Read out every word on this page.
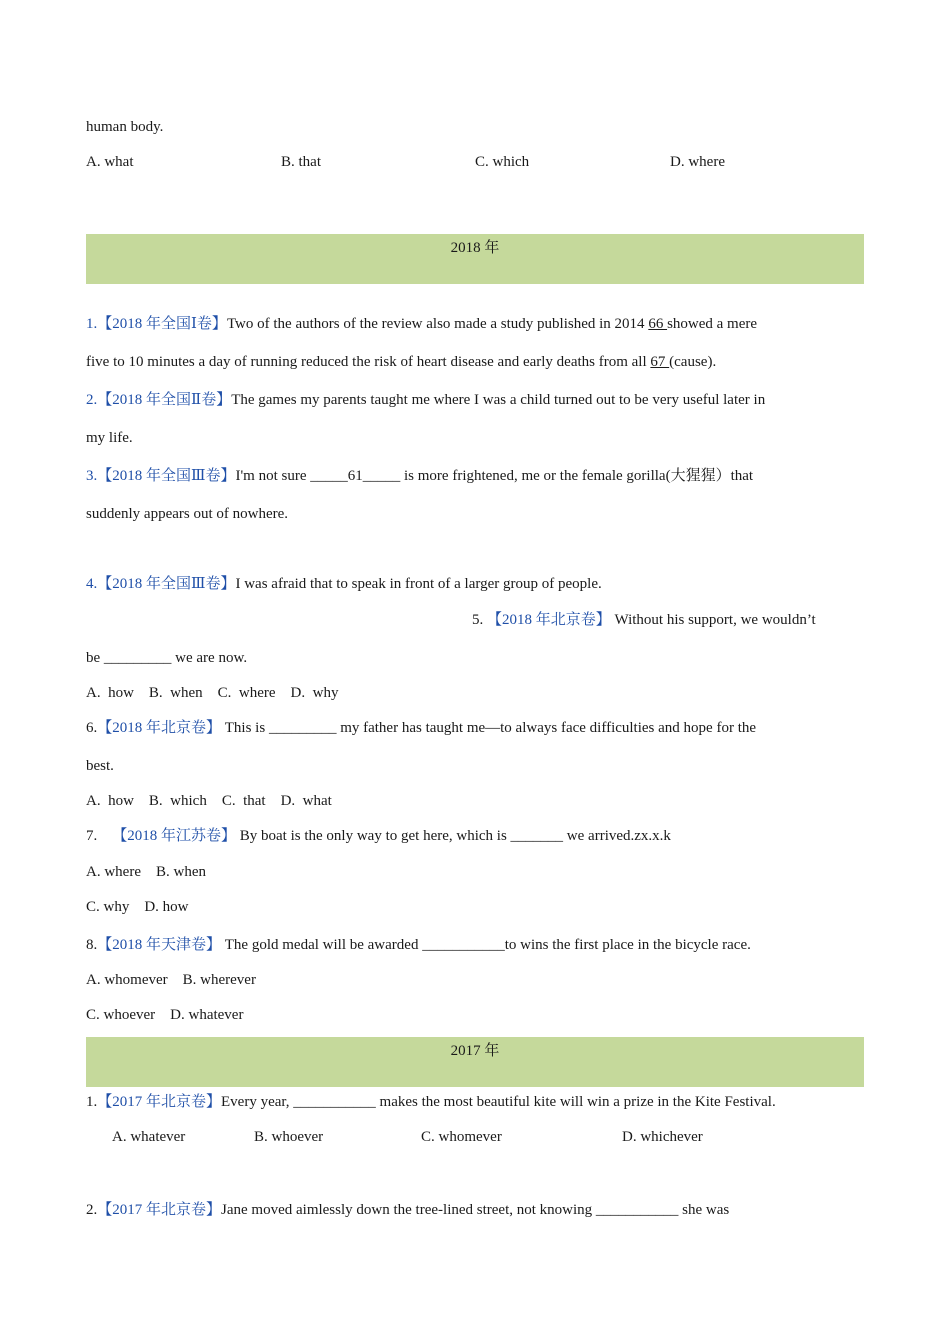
human body.
A. what	B. that	C. which	D. where
2018 年
1.【2018 年全国Ⅰ卷】Two of the authors of the review also made a study published in 2014 66 showed a mere
five to 10 minutes a day of running reduced the risk of heart disease and early deaths from all 67 (cause).
2.【2018 年全国Ⅱ卷】The games my parents taught me where I was a child turned out to be very useful later in
my life.
3.【2018 年全国Ⅲ卷】I'm not sure _____61_____ is more frightened, me or the female gorilla(大猩猩）that
suddenly appears out of nowhere.
4.【2018 年全国Ⅲ卷】I was afraid that to speak in front of a larger group of people.
5. 【2018 年北京卷】 Without his support, we wouldn’t
be _________ we are now.
A.  how    B.  when    C.  where    D.  why
6.【2018 年北京卷】 This is _________ my father has taught me—to always face difficulties and hope for the
best.
A.  how    B.  which    C.  that    D.  what
7. 【2018 年江苏卷】 By boat is the only way to get here, which is _______ we arrived.zx.x.k
A. where    B. when
C. why    D. how
8.【2018 年天津卷】 The gold medal will be awarded ___________to wins the first place in the bicycle race.
A. whomever    B. wherever
C. whoever    D. whatever
2017 年
1.【2017 年北京卷】Every year, ___________ makes the most beautiful kite will win a prize in the Kite Festival.
A. whatever	B. whoever	C. whomever	D. whichever
2.【2017 年北京卷】Jane moved aimlessly down the tree-lined street, not knowing ___________ she was
